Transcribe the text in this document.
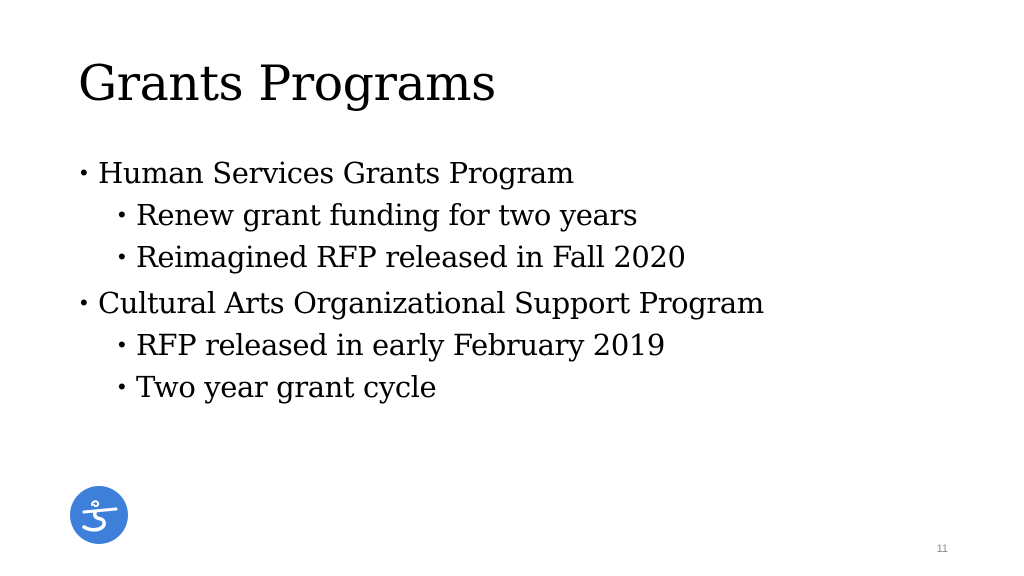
Grants Programs
• Human Services Grants Program
• Renew grant funding for two years
• Reimagined RFP released in Fall 2020
• Cultural Arts Organizational Support Program
• RFP released in early February 2019
• Two year grant cycle
11
